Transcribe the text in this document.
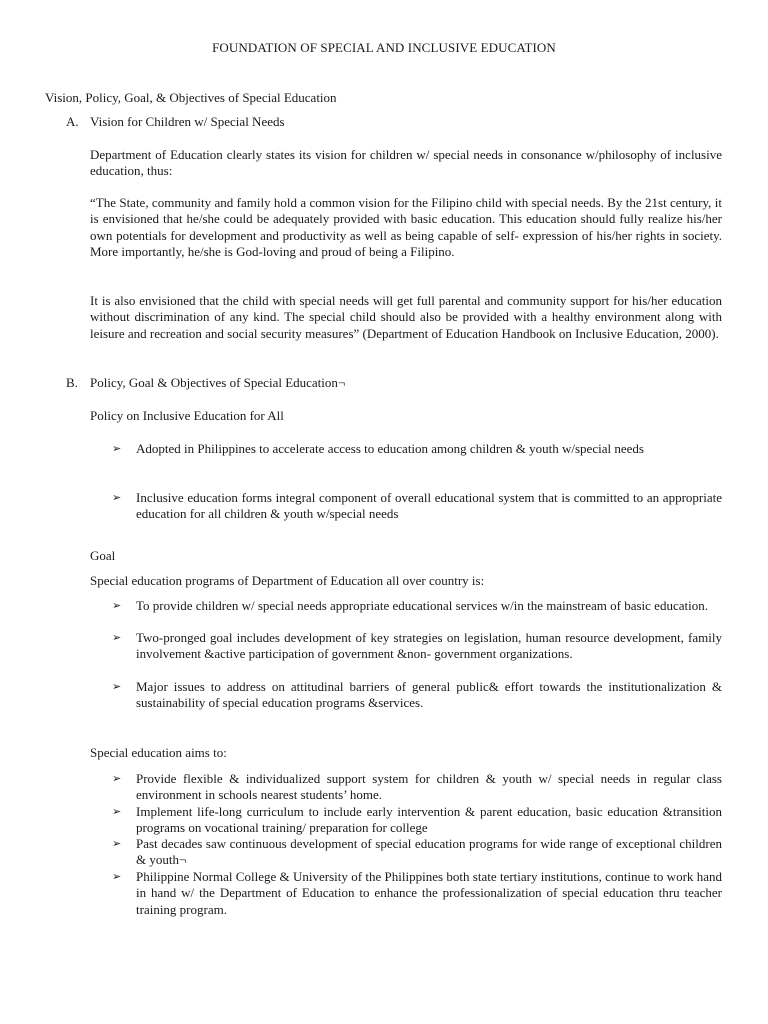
FOUNDATION OF SPECIAL AND INCLUSIVE EDUCATION
Vision, Policy, Goal, & Objectives of Special Education
A. Vision for Children w/ Special Needs
Department of Education clearly states its vision for children w/ special needs in consonance w/philosophy of inclusive education, thus:
“The State, community and family hold a common vision for the Filipino child with special needs. By the 21st century, it is envisioned that he/she could be adequately provided with basic education. This education should fully realize his/her own potentials for development and productivity as well as being capable of self- expression of his/her rights in society. More importantly, he/she is God-loving and proud of being a Filipino.
It is also envisioned that the child with special needs will get full parental and community support for his/her education without discrimination of any kind. The special child should also be provided with a healthy environment along with leisure and recreation and social security measures” (Department of Education Handbook on Inclusive Education, 2000).
B. Policy, Goal & Objectives of Special Education¬
Policy on Inclusive Education for All
➢	Adopted in Philippines to accelerate access to education among children & youth w/special needs
➢	Inclusive education forms integral component of overall educational system that is committed to an appropriate education for all children & youth w/special needs
Goal
Special education programs of Department of Education all over country is:
➢	To provide children w/ special needs appropriate educational services w/in the mainstream of basic education.
➢	Two-pronged goal includes development of key strategies on legislation, human resource development, family involvement &active participation of government &non- government organizations.
➢	Major issues to address on attitudinal barriers of general public& effort towards the institutionalization & sustainability of special education programs &services.
Special education aims to:
➢	Provide flexible & individualized support system for children & youth w/ special needs in regular class environment in schools nearest students’ home.
➢	Implement life-long curriculum to include early intervention & parent education, basic education &transition programs on vocational training/ preparation for college
➢	Past decades saw continuous development of special education programs for wide range of exceptional children & youth¬
➢	Philippine Normal College & University of the Philippines both state tertiary institutions, continue to work hand in hand w/ the Department of Education to enhance the professionalization of special education thru teacher training program.
